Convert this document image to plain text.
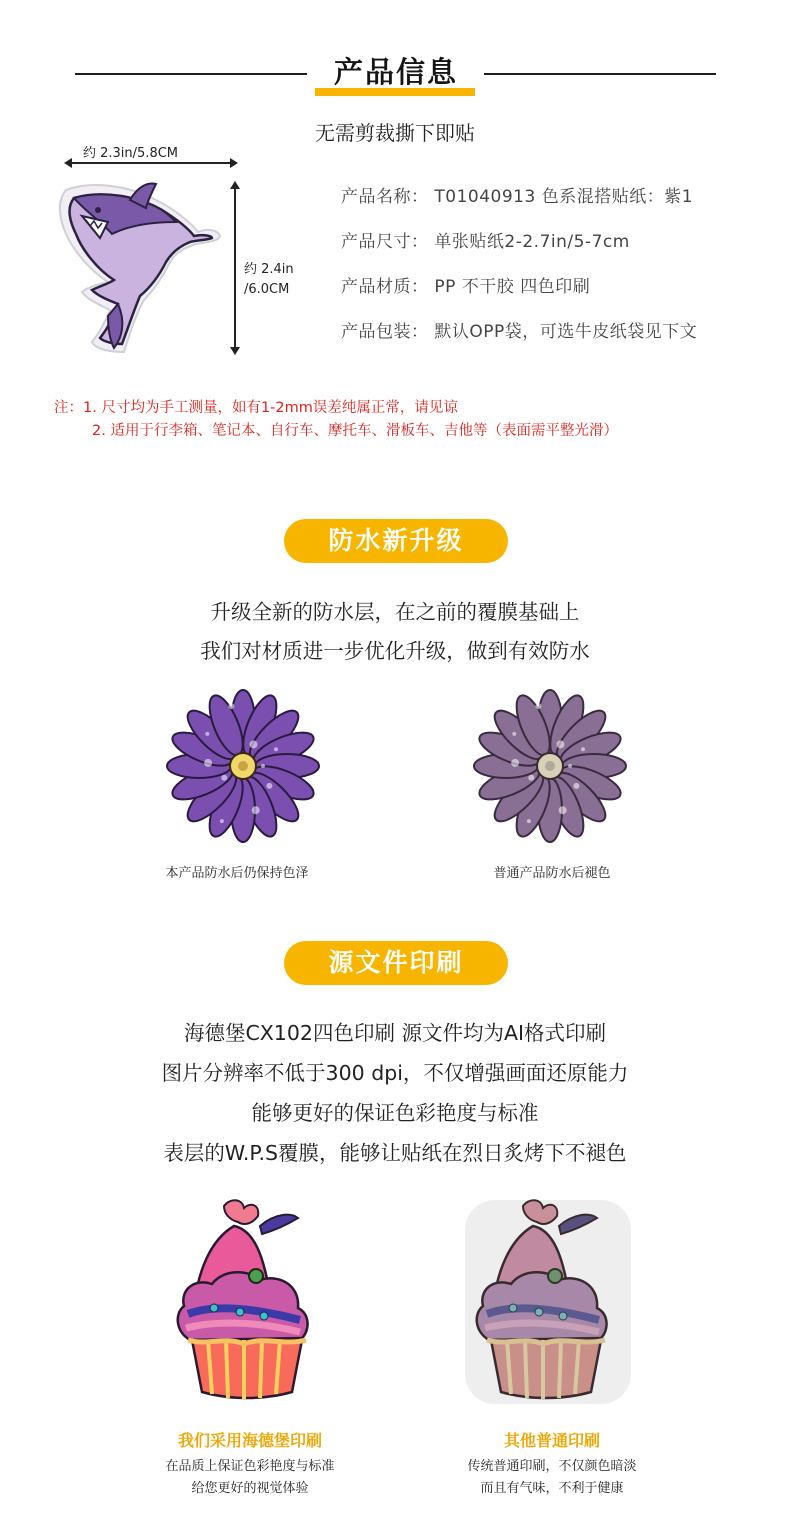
产品信息
无需剪裁撕下即贴
约 2.3in/5.8CM
约 2.4in
/6.0CM
产品名称： T01040913 色系混搭贴纸：紫1
产品尺寸： 单张贴纸2-2.7in/5-7cm
产品材质： PP 不干胶 四色印刷
产品包装： 默认OPP袋，可选牛皮纸袋见下文
注：1. 尺寸均为手工测量，如有1-2mm误差纯属正常，请见谅
2. 适用于行李箱、笔记本、自行车、摩托车、滑板车、吉他等（表面需平整光滑）
防水新升级
升级全新的防水层，在之前的覆膜基础上
我们对材质进一步优化升级，做到有效防水
本产品防水后仍保持色泽	普通产品防水后褪色
源文件印刷
海德堡CX102四色印刷 源文件均为AI格式印刷
图片分辨率不低于300 dpi，不仅增强画面还原能力
能够更好的保证色彩艳度与标准
表层的W.P.S覆膜，能够让贴纸在烈日炙烤下不褪色
我们采用海德堡印刷
在品质上保证色彩艳度与标准
给您更好的视觉体验
其他普通印刷
传统普通印刷，不仅颜色暗淡
而且有气味，不利于健康
